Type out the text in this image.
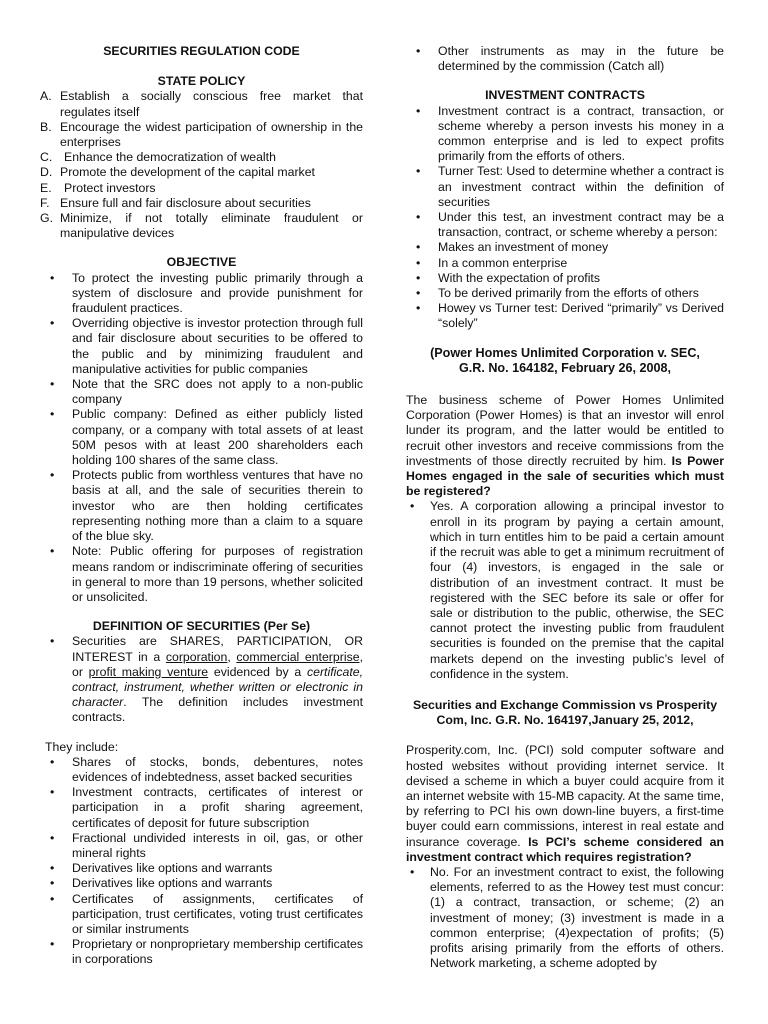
SECURITIES REGULATION CODE

STATE POLICY

A. Establish a socially conscious free market that regulates itself
B. Encourage the widest participation of ownership in the enterprises
C. Enhance the democratization of wealth
D. Promote the development of the capital market
E.	Protect investors
F. Ensure full and fair disclosure about securities
G. Minimize, if not totally eliminate fraudulent or manipulative devices

OBJECTIVE

• To protect the investing public primarily through a system of disclosure and provide punishment for fraudulent practices.
• Overriding objective is investor protection through full and fair disclosure about securities to be offered to the public and by minimizing fraudulent and manipulative activities for public companies
• Note that the SRC does not apply to a non-public company
• Public company: Defined as either publicly listed company, or a company with total assets of at least 50M pesos with at least 200 shareholders each holding 100 shares of the same class.
• Protects public from worthless ventures that have no basis at all, and the sale of securities therein to investor who are then holding certificates representing nothing more than a claim to a square of the blue sky.
• Note: Public offering for purposes of registration means random or indiscriminate offering of securities in general to more than 19 persons, whether solicited or unsolicited.

DEFINITION OF SECURITIES (Per Se)

• Securities are SHARES, PARTICIPATION, OR INTEREST in a corporation, commercial enterprise, or profit making venture evidenced by a certificate, contract, instrument, whether written or electronic in character. The definition includes investment contracts.

They include:

• Shares of stocks, bonds, debentures, notes evidences of indebtedness, asset backed securities
• Investment contracts, certificates of interest or participation in a profit sharing agreement, certificates of deposit for future subscription
• Fractional undivided interests in oil, gas, or other mineral rights
• Derivatives like options and warrants
• Derivatives like options and warrants
• Certificates of assignments, certificates of participation, trust certificates, voting trust certificates or similar instruments
• Proprietary or nonproprietary membership certificates in corporations
• Other instruments as may in the future be determined by the commission (Catch all)

INVESTMENT CONTRACTS

• Investment contract is a contract, transaction, or scheme whereby a person invests his money in a common enterprise and is led to expect profits primarily from the efforts of others.
• Turner Test: Used to determine whether a contract is an investment contract within the definition of securities
• Under this test, an investment contract may be a transaction, contract, or scheme whereby a person:
• Makes an investment of money
• In a common enterprise
• With the expectation of profits
• To be derived primarily from the efforts of others
• Howey vs Turner test: Derived “primarily” vs Derived “solely”

(Power Homes Unlimited Corporation v. SEC,

G.R. No. 164182, February 26, 2008,

The business scheme of Power Homes Unlimited Corporation (Power Homes) is that an investor will enrol lunder its program, and the latter would be entitled to recruit other investors and receive commissions from the investments of those directly recruited by him. Is Power Homes engaged in the sale of securities which must be registered?

• Yes. A corporation allowing a principal investor to enroll in its program by paying a certain amount, which in turn entitles him to be paid a certain amount if the recruit was able to get a minimum recruitment of four (4) investors, is engaged in the sale or distribution of an investment contract. It must be registered with the SEC before its sale or offer for sale or distribution to the public, otherwise, the SEC cannot protect the investing public from fraudulent securities is founded on the premise that the capital markets depend on the investing public’s level of confidence in the system.

Securities and Exchange Commission vs Prosperity

Com, Inc. G.R. No. 164197,January 25, 2012,

Prosperity.com, Inc. (PCI) sold computer software and hosted websites without providing internet service. It devised a scheme in which a buyer could acquire from it an internet website with 15-MB capacity. At the same time, by referring to PCI his own down-line buyers, a first-time buyer could earn commissions, interest in real estate and insurance coverage. Is PCI’s scheme considered an investment contract which requires registration?

• No. For an investment contract to exist, the following elements, referred to as the Howey test must concur: (1) a contract, transaction, or scheme; (2) an investment of money; (3) investment is made in a common enterprise; (4)expectation of profits; (5) profits arising primarily from the efforts of others. Network marketing, a scheme adopted by
